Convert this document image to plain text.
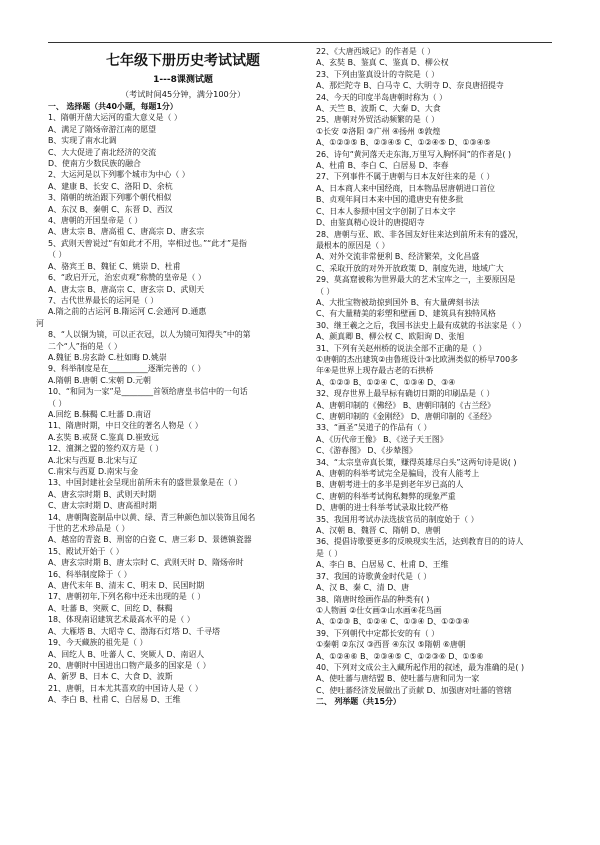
七年级下册历史考试试题
1---8课测试题
（考试时间45分钟，满分100分）
一、 选择题（共40小题，每题1分）
1、隋朝开凿大运河的重大意义是（ ）
A、满足了隋炀帝游江南的愿望
B、实现了南水北调
C、大大促进了南北经济的交流
D、使南方少数民族的融合
2、大运河是以下列哪个城市为中心（ ）
A、建康 B、长安 C、洛阳 D、余杭
3、隋朝的统治跟下列哪个朝代相似
A、东汉 B、秦朝 C、东晋 D、西汉
4、唐朝的开国皇帝是（ ）
A、唐太宗 B、唐高祖 C、唐高宗 D、唐玄宗
5、武则天曾说过“有如此才不用，宰相过也。”“此才”是指
（ ）
A、骆宾王 B、魏征 C、姚崇 D、杜甫
6、“政启开元，治宏贞观”称赞的皇帝是（ ）
A、唐太宗 B、唐高宗 C、唐玄宗 D、武则天
7、古代世界最长的运河是（ ）
A.隋之前的古运河 B.隋运河 C.会通河 D.通惠
河
8、“人以铜为镜，可以正衣冠，以人为镜可知得失”中的第
二个“人”指的是（ ）
A.魏征 B.房玄龄 C.杜如晦 D.姚崇
9、科举制度是在__________逐渐完善的（ ）
A.隋朝 B.唐朝 C.宋朝 D.元朝
10、“和同为一家”是________首领给唐皇书信中的一句话
（ ）
A.回纥 B.靺鞨 C.吐蕃 D.南诏
11、隋唐时期，中日交往的著名人物是（ ）
A.玄奘 B.戒贤 C.鉴真 D.崔致远
12、澶渊之盟的签约双方是（ ）
A.北宋与西夏 B.北宋与辽
C.南宋与西夏 D.南宋与金
13、中国封建社会呈现出前所未有的盛世景象是在（ ）
A、唐玄宗时期 B、武则天时期
C、唐太宗时期 D、唐高祖时期
14、唐朝陶瓷制品中以黄、绿、青三种颜色加以装饰且闻名
于世的艺术珍品是（ ）
A、越窑的青瓷 B、刑窑的白瓷 C、唐三彩 D、景德镇瓷器
15、殿试开始于（ ）
A、唐玄宗时期 B、唐太宗时 C、武则天时 D、隋炀帝时
16、科举制度除于（ ）
A、唐代末年 B、清末 C、明末 D、民国时期
17、唐朝初年,下列名称中还未出现的是（ ）
A、吐蕃 B、突厥 C、回纥 D、靺鞨
18、体现南诏建筑艺术最高水平的是（ ）
A、大雁塔 B、大昭寺 C、渤海石灯塔 D、千寻塔
19、今天藏族的祖先是（ ）
A、回纥人 B、吐蕃人 C、突厥人 D、南诏人
20、唐朝时中国进出口物产最多的国家是（ ）
A、新罗 B、日本 C、大食 D、波斯
21、唐朝，日本尤其喜欢的中国诗人是（ ）
A、李白 B、杜甫 C、白居易 D、王维
22、《大唐西域记》的作者是（ ）
A、玄奘 B、鉴真 C、鉴真 D、柳公权
23、下列由鉴真设计的寺院是（ ）
A、那烂陀寺 B、白马寺 C、大明寺 D、奈良唐招提寺
24、今天的印度半岛唐朝时称为（ ）
A、天竺 B、波斯 C、大秦 D、大食
25、唐朝对外贸活动频繁的是（ ）
①长安 ②洛阳 ③广州 ④扬州 ⑤敦煌
A、①②③⑤ B、②③④⑤ C、①②④⑤ D、①③④⑤
26、诗句“黄河落天走东海,万里写入胸怀间”的作者是( )
A、杜甫 B、李白 C、白居易 D、李春
27、下列事件不属于唐朝与日本友好往来的是（ ）
A、日本商人来中国经商，日本物品居唐朝进口首位
B、贞观年间日本来中国的遣唐史有使多批
C、日本人参照中国文字创制了日本文字
D、由鉴真精心设计的唐提昭寺
28、唐朝与亚、欧、非各国友好往来达到前所未有的盛况，
最根本的原因是（ ）
A、对外交流非常便利 B、经济繁荣，文化昌盛
C、采取开放的对外开放政策 D、制度先进，地域广大
29、莫高窟被称为世界最大的艺术宝库之一，主要原因是
（ ）
A、大批宝物被劫掠到国外 B、有大量碑刻书法
C、有大量精美的彩塑和壁画 D、建筑具有独特风格
30、继王羲之之后，我国书法史上最有成就的书法家是（ ）
A、颜真卿 B、柳公权 C、欧阳询 D、张旭
31、下列有关赵州桥的说法全部不正确的是（ ）
①唐朝的杰出建筑②由鲁班设计③比欧洲类似的桥早700多
年④是世界上现存最古老的石拱桥
A、①②③ B、①②④ C、①③④ D、③④
32、现存世界上最早标有确切日期的印刷品是（ ）
A、唐朝印制的《佛经》 B、唐朝印制的《古兰经》
C、唐朝印制的《金刚经》 D、唐朝印制的《圣经》
33、“画圣”吴道子的作品有（ ）
A、《历代帝王像》 B、《送子天王图》
C、《游春图》 D、《步辇图》
34、“太宗皇帝真长策，赚得英雄尽白头”这两句诗是说( )
A、唐朝的科举考试完全是骗局，没有人能考上
B、唐朝考进士的多半是到老年岁已高的人
C、唐朝的科举考试徇私舞弊的现象严重
D、唐朝的进士科举考试录取比较严格
35、我国用考试办法选拔官员的制度始于（ ）
A、汉朝 B、魏晋 C、隋朝 D、唐朝
36、提倡诗歌要更多的反映现实生活，达到教育目的的诗人
是（ ）
A、李白 B、白居易 C、杜甫 D、王维
37、我国的诗歌黄金时代是（ ）
A、汉 B、秦 C、清 D、唐
38、隋唐时绘画作品的种类有( )
①人物画 ②仕女画③山水画④花鸟画
A、①②③ B、①②④ C、①③④ D、①②③④
39、下列朝代中定都长安的有（ ）
①秦朝 ②东汉 ③西晋 ④东汉 ⑤隋朝 ⑥唐朝
A、①②④⑥ B、②③④⑤ C、①②③⑥ D、①⑤⑥
40、下列对文成公主入藏所起作用的叙述，最为准确的是( )
A、使吐蕃与唐结盟 B、使吐蕃与唐和同为一家
C、使吐蕃经济发展做出了贡献 D、加强唐对吐蕃的管辖
二、 列举题（共15分）
